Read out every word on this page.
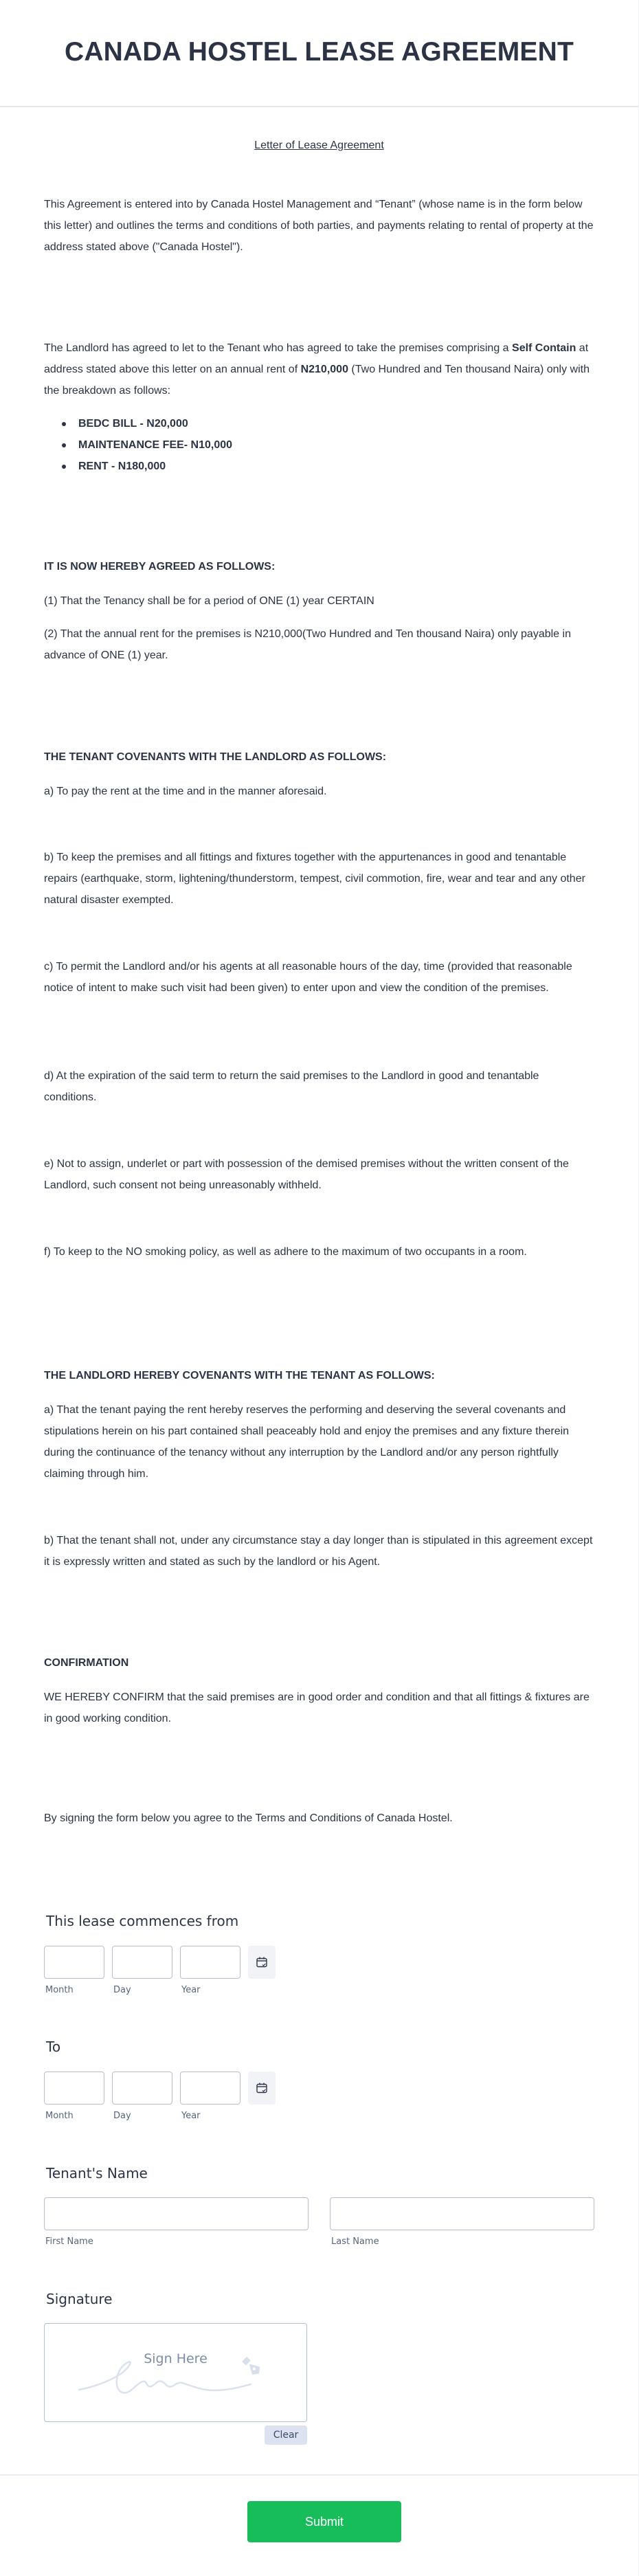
CANADA HOSTEL LEASE AGREEMENT
Letter of Lease Agreement

This Agreement is entered into by Canada Hostel Management and “Tenant” (whose name is in the form below this letter) and outlines the terms and conditions of both parties, and payments relating to rental of property at the address stated above ("Canada Hostel").

The Landlord has agreed to let to the Tenant who has agreed to take the premises comprising a Self Contain at address stated above this letter on an annual rent of N210,000 (Two Hundred and Ten thousand Naira) only with the breakdown as follows:

BEDC BILL - N20,000
MAINTENANCE FEE- N10,000
RENT - N180,000
IT IS NOW HEREBY AGREED AS FOLLOWS:

(1) That the Tenancy shall be for a period of ONE (1) year CERTAIN

(2) That the annual rent for the premises is N210,000(Two Hundred and Ten thousand Naira) only payable in advance of ONE (1) year.

THE TENANT COVENANTS WITH THE LANDLORD AS FOLLOWS:

a) To pay the rent at the time and in the manner aforesaid.

b) To keep the premises and all fittings and fixtures together with the appurtenances in good and tenantable repairs (earthquake, storm, lightening/thunderstorm, tempest, civil commotion, fire, wear and tear and any other natural disaster exempted.

c) To permit the Landlord and/or his agents at all reasonable hours of the day, time (provided that reasonable notice of intent to make such visit had been given) to enter upon and view the condition of the premises.

d) At the expiration of the said term to return the said premises to the Landlord in good and tenantable conditions.

e) Not to assign, underlet or part with possession of the demised premises without the written consent of the Landlord, such consent not being unreasonably withheld.

f) To keep to the NO smoking policy, as well as adhere to the maximum of two occupants in a room.

THE LANDLORD HEREBY COVENANTS WITH THE TENANT AS FOLLOWS:

a) That the tenant paying the rent hereby reserves the performing and deserving the several covenants and stipulations herein on his part contained shall peaceably hold and enjoy the premises and any fixture therein during the continuance of the tenancy without any interruption by the Landlord and/or any person rightfully claiming through him.

b) That the tenant shall not, under any circumstance stay a day longer than is stipulated in this agreement except it is expressly written and stated as such by the landlord or his Agent.

CONFIRMATION

WE HEREBY CONFIRM that the said premises are in good order and condition and that all fittings & fixtures are in good working condition.

By signing the form below you agree to the Terms and Conditions of Canada Hostel.

This lease commences from
Month	Day	Year
To
Month	Day	Year
Tenant's Name
First Name	Last Name
Signature
Sign Here
Clear
Submit
